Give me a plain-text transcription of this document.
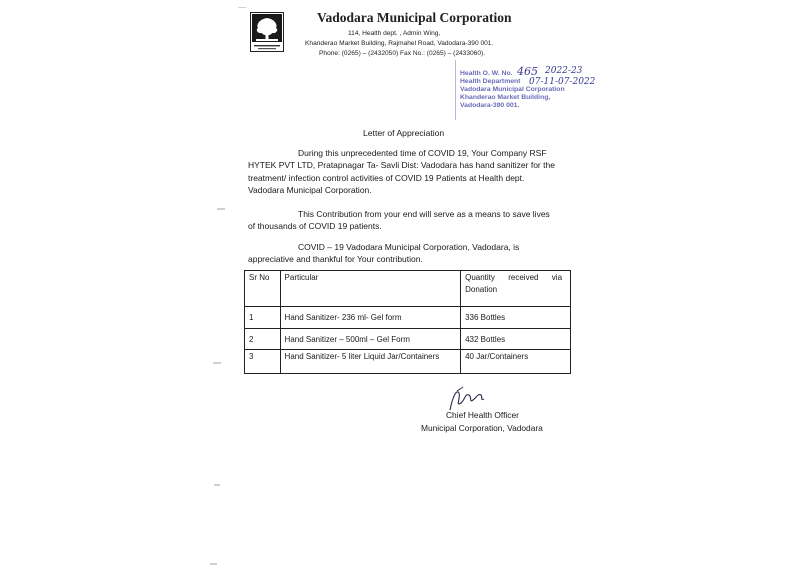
Vadodara Municipal Corporation
114, Health dept. , Admin Wing,
Khanderao Market Building, Rajmahel Road, Vadodara-390 001.
Phone: (0265) – (2432050) Fax No.: (0265) – (2433060).
Health O. W. No.
Health Department
Vadodara Municipal Corporation
Khanderao Market Building,
Vadodara-390 001.
465 2022-23
07-11-07-2022
Letter of Appreciation
During this unprecedented time of COVID 19, Your Company RSF
HYTEK PVT LTD, Pratapnagar Ta- Savli Dist: Vadodara has hand sanitizer for the
treatment/ infection control activities of COVID 19 Patients at Health dept.
Vadodara Municipal Corporation.
This Contribution from your end will serve as a means to save lives
of thousands of COVID 19 patients.
COVID – 19 Vadodara Municipal Corporation, Vadodara, is
appreciative and thankful for Your contribution.
Sr No	Particular	Quantity      received      via
Donation

1	Hand Sanitizer- 236 ml- Gel form	336 Bottles
2	Hand Sanitizer – 500ml – Gel Form	432 Bottles
3	Hand Sanitizer- 5 liter Liquid Jar/Containers	40 Jar/Containers
Chief Health Officer
Municipal Corporation, Vadodara
